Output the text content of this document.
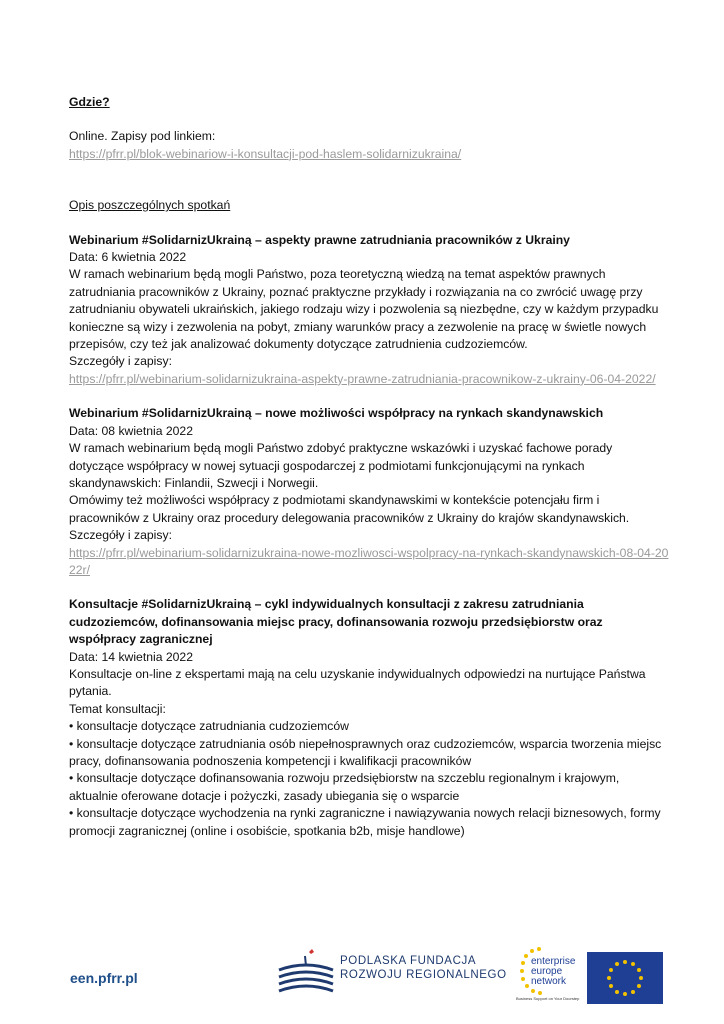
Gdzie?

Online. Zapisy pod linkiem:

https://pfrr.pl/blok-webinariow-i-konsultacji-pod-haslem-solidarnizukraina/

Opis poszczególnych spotkań

Webinarium #SolidarnizUkrainą – aspekty prawne zatrudniania pracowników z Ukrainy

Data: 6 kwietnia 2022

W ramach webinarium będą mogli Państwo, poza teoretyczną wiedzą na temat aspektów prawnych zatrudniania pracowników z Ukrainy, poznać praktyczne przykłady i rozwiązania na co zwrócić uwagę przy zatrudnianiu obywateli ukraińskich, jakiego rodzaju wizy i pozwolenia są niezbędne, czy w każdym przypadku konieczne są wizy i zezwolenia na pobyt, zmiany warunków pracy a zezwolenie na pracę w świetle nowych przepisów, czy też jak analizować dokumenty dotyczące zatrudnienia cudzoziemców.

Szczegóły i zapisy:

https://pfrr.pl/webinarium-solidarnizukraina-aspekty-prawne-zatrudniania-pracownikow-z-ukrainy-06-04-2022/

Webinarium #SolidarnizUkrainą – nowe możliwości współpracy na rynkach skandynawskich

Data: 08 kwietnia 2022

W ramach webinarium będą mogli Państwo zdobyć praktyczne wskazówki i uzyskać fachowe porady dotyczące współpracy w nowej sytuacji gospodarczej z podmiotami funkcjonującymi na rynkach skandynawskich: Finlandii, Szwecji i Norwegii.

Omówimy też możliwości współpracy z podmiotami skandynawskimi w kontekście potencjału firm i pracowników z Ukrainy oraz procedury delegowania pracowników z Ukrainy do krajów skandynawskich.

Szczegóły i zapisy:

https://pfrr.pl/webinarium-solidarnizukraina-nowe-mozliwosci-wspolpracy-na-rynkach-skandynawskich-08-04-2022r/

Konsultacje #SolidarnizUkrainą – cykl indywidualnych konsultacji z zakresu zatrudniania cudzoziemców, dofinansowania miejsc pracy, dofinansowania rozwoju przedsiębiorstw oraz współpracy zagranicznej

Data: 14 kwietnia 2022

Konsultacje on-line z ekspertami mają na celu uzyskanie indywidualnych odpowiedzi na nurtujące Państwa pytania.

Temat konsultacji:

• konsultacje dotyczące zatrudniania cudzoziemców

• konsultacje dotyczące zatrudniania osób niepełnosprawnych oraz cudzoziemców, wsparcia tworzenia miejsc pracy, dofinansowania podnoszenia kompetencji i kwalifikacji pracowników

• konsultacje dotyczące dofinansowania rozwoju przedsiębiorstw na szczeblu regionalnym i krajowym, aktualnie oferowane dotacje i pożyczki, zasady ubiegania się o wsparcie

• konsultacje dotyczące wychodzenia na rynki zagraniczne i nawiązywania nowych relacji biznesowych, formy promocji zagranicznej (online i osobiście, spotkania b2b, misje handlowe)

een.pfrr.pl
PODLASKA FUNDACJA
ROZWOJU REGIONALNEGO
enterprise
europe
network
Business Support on Your Doorstep
